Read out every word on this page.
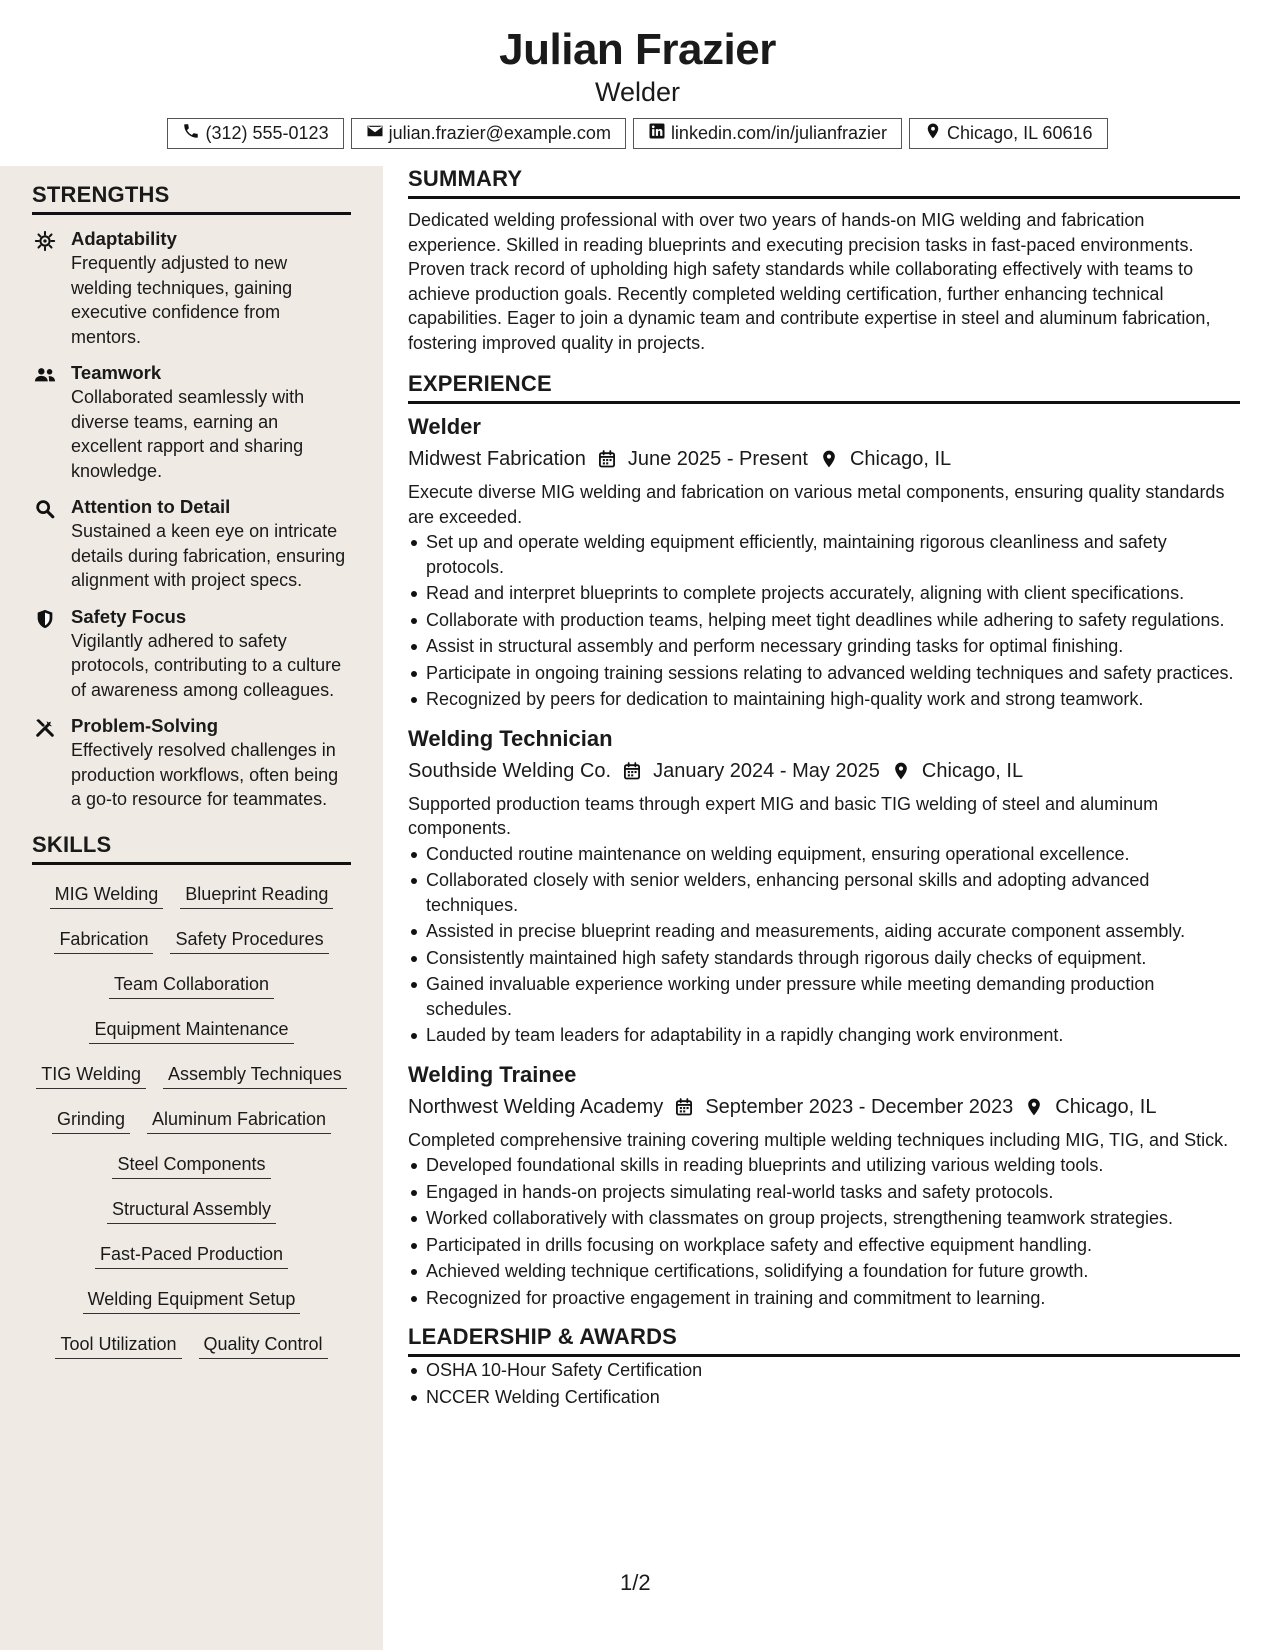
Julian Frazier
Welder
(312) 555-0123	julian.frazier@example.com	linkedin.com/in/julianfrazier	Chicago, IL 60616
STRENGTHS
Adaptability
Frequently adjusted to new welding techniques, gaining executive confidence from mentors.
Teamwork
Collaborated seamlessly with diverse teams, earning an excellent rapport and sharing knowledge.
Attention to Detail
Sustained a keen eye on intricate details during fabrication, ensuring alignment with project specs.
Safety Focus
Vigilantly adhered to safety protocols, contributing to a culture of awareness among colleagues.
Problem-Solving
Effectively resolved challenges in production workflows, often being a go-to resource for teammates.
SKILLS
MIG Welding Blueprint Reading
Fabrication Safety Procedures
Team Collaboration
Equipment Maintenance
TIG Welding Assembly Techniques
Grinding Aluminum Fabrication
Steel Components
Structural Assembly
Fast-Paced Production
Welding Equipment Setup
Tool Utilization Quality Control
SUMMARY
Dedicated welding professional with over two years of hands-on MIG welding and fabrication experience. Skilled in reading blueprints and executing precision tasks in fast-paced environments. Proven track record of upholding high safety standards while collaborating effectively with teams to achieve production goals. Recently completed welding certification, further enhancing technical capabilities. Eager to join a dynamic team and contribute expertise in steel and aluminum fabrication, fostering improved quality in projects.
EXPERIENCE
Welder
Midwest Fabrication June 2025 - Present Chicago, IL
Execute diverse MIG welding and fabrication on various metal components, ensuring quality standards are exceeded.
Set up and operate welding equipment efficiently, maintaining rigorous cleanliness and safety protocols.
Read and interpret blueprints to complete projects accurately, aligning with client specifications.
Collaborate with production teams, helping meet tight deadlines while adhering to safety regulations.
Assist in structural assembly and perform necessary grinding tasks for optimal finishing.
Participate in ongoing training sessions relating to advanced welding techniques and safety practices.
Recognized by peers for dedication to maintaining high-quality work and strong teamwork.
Welding Technician
Southside Welding Co. January 2024 - May 2025 Chicago, IL
Supported production teams through expert MIG and basic TIG welding of steel and aluminum components.
Conducted routine maintenance on welding equipment, ensuring operational excellence.
Collaborated closely with senior welders, enhancing personal skills and adopting advanced techniques.
Assisted in precise blueprint reading and measurements, aiding accurate component assembly.
Consistently maintained high safety standards through rigorous daily checks of equipment.
Gained invaluable experience working under pressure while meeting demanding production schedules.
Lauded by team leaders for adaptability in a rapidly changing work environment.
Welding Trainee
Northwest Welding Academy September 2023 - December 2023 Chicago, IL
Completed comprehensive training covering multiple welding techniques including MIG, TIG, and Stick.
Developed foundational skills in reading blueprints and utilizing various welding tools.
Engaged in hands-on projects simulating real-world tasks and safety protocols.
Worked collaboratively with classmates on group projects, strengthening teamwork strategies.
Participated in drills focusing on workplace safety and effective equipment handling.
Achieved welding technique certifications, solidifying a foundation for future growth.
Recognized for proactive engagement in training and commitment to learning.
LEADERSHIP & AWARDS
OSHA 10-Hour Safety Certification
NCCER Welding Certification
1/2
